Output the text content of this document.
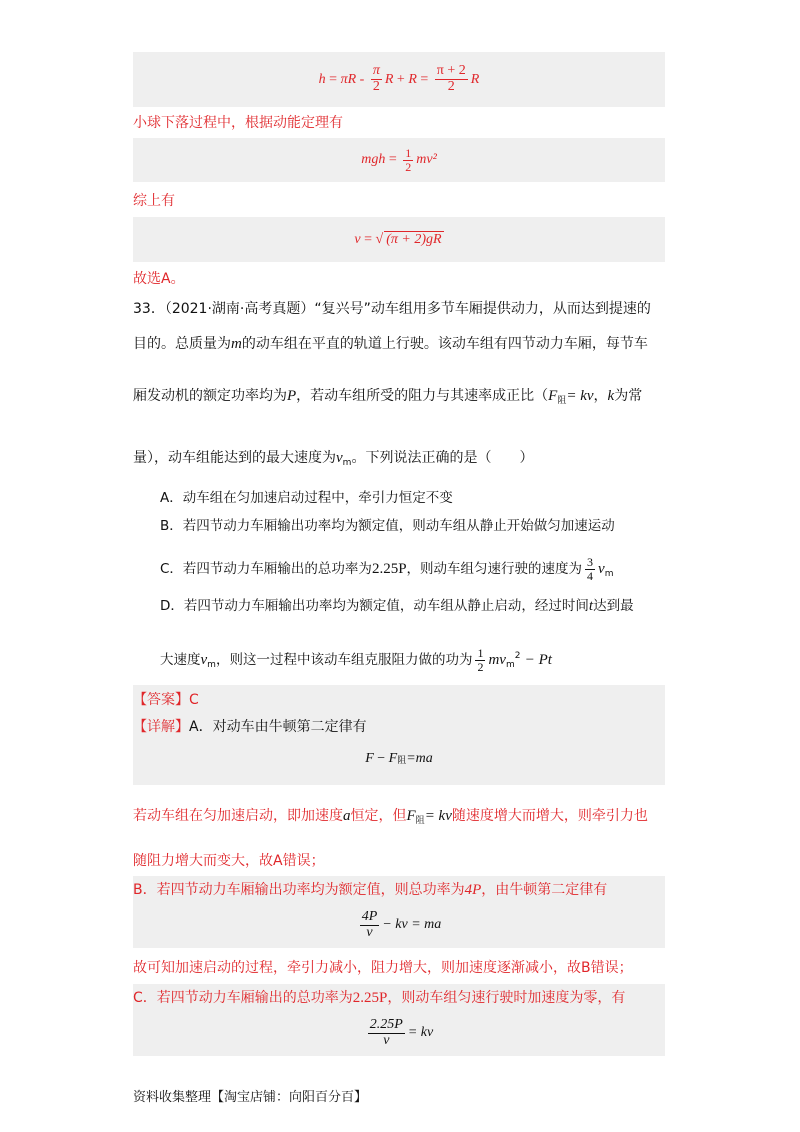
h
=
πR
-
$\frac{\pi}{2}$ R
+
R
=
$\frac{\pi + 2}{2}$ R
小球下落过程中，根据动能定理有
mgh
=
$\frac{1}{2} mv^2$
综上有
v
=
√ (π + 2)gR
故选A。
33．（2021·湖南·高考真题）“复兴号”动车组用多节车厢提供动力，从而达到提速的
目的。总质量为m的动车组在平直的轨道上行驶。该动车组有四节动力车厢，每节车
厢发动机的额定功率均为P，若动车组所受的阻力与其速率成正比（$F_阻=$ kv，k为常
量），动车组能达到的最大速度为$v_m$。下列说法正确的是（　　）
A．动车组在匀加速启动过程中，牵引力恒定不变
B．若四节动力车厢输出功率均为额定值，则动车组从静止开始做匀加速运动
C．若四节动力车厢输出的总功率为2.25P，则动车组匀速行驶的速度为 $\frac{3}{4} v_m$
D．若四节动力车厢输出功率均为额定值，动车组从静止启动，经过时间t达到最
大速度$v_m$，则这一过程中该动车组克服阻力做的功为 $\frac{1}{2} mv_m^2 - Pt$
【答案】C
【详解】A．对动车由牛顿第二定律有
F
−
F 阻 =ma
若动车组在匀加速启动，即加速度a恒定，但$F_阻=$ kv随速度增大而增大，则牵引力也
随阻力增大而变大，故A错误；
B．若四节动力车厢输出功率均为额定值，则总功率为4P，由牛顿第二定律有
$\frac{4P}{v}$ − kv = ma
故可知加速启动的过程，牵引力减小，阻力增大，则加速度逐渐减小，故B错误；
C．若四节动力车厢输出的总功率为2.25P，则动车组匀速行驶时加速度为零，有
$\frac{2.25P}{v}$ = kv
资料收集整理【淘宝店铺：向阳百分百】
